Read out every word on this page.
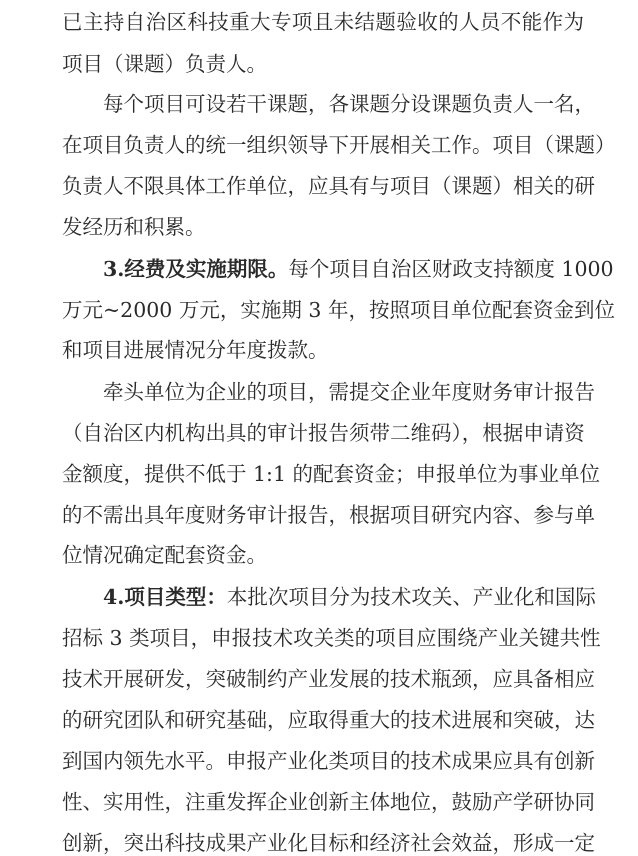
已主持自治区科技重大专项且未结题验收的人员不能作为
项目（课题）负责人。
每个项目可设若干课题，各课题分设课题负责人一名，
在项目负责人的统一组织领导下开展相关工作。项目（课题）
负责人不限具体工作单位，应具有与项目（课题）相关的研
发经历和积累。
3.经费及实施期限。每个项目自治区财政支持额度 1000
万元~2000 万元，实施期 3 年，按照项目单位配套资金到位
和项目进展情况分年度拨款。
牵头单位为企业的项目，需提交企业年度财务审计报告
（自治区内机构出具的审计报告须带二维码），根据申请资
金额度，提供不低于 1:1 的配套资金；申报单位为事业单位
的不需出具年度财务审计报告，根据项目研究内容、参与单
位情况确定配套资金。
4.项目类型：本批次项目分为技术攻关、产业化和国际
招标 3 类项目，申报技术攻关类的项目应围绕产业关键共性
技术开展研发，突破制约产业发展的技术瓶颈，应具备相应
的研究团队和研究基础，应取得重大的技术进展和突破，达
到国内领先水平。申报产业化类项目的技术成果应具有创新
性、实用性，注重发挥企业创新主体地位，鼓励产学研协同
创新，突出科技成果产业化目标和经济社会效益，形成一定
